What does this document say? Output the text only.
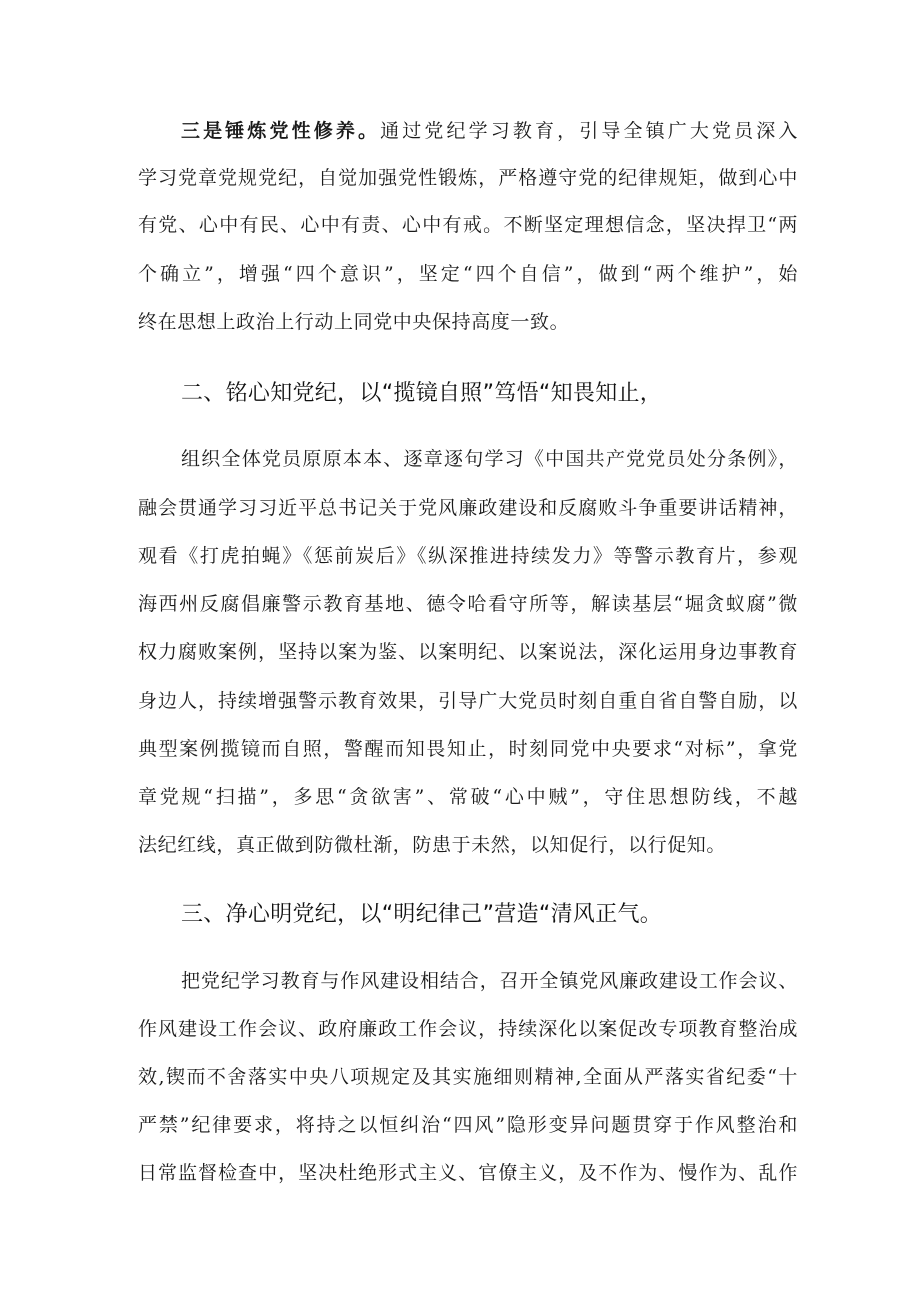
三是锤炼党性修养。通过党纪学习教育，引导全镇广大党员深入
学习党章党规党纪，自觉加强党性锻炼，严格遵守党的纪律规矩，做到心中
有党、心中有民、心中有责、心中有戒。不断坚定理想信念，坚决捍卫“两
个确立”，增强“四个意识”，坚定“四个自信”，做到“两个维护”，始
终在思想上政治上行动上同党中央保持高度一致。
二、铭心知党纪，以“揽镜自照”笃悟“知畏知止，
组织全体党员原原本本、逐章逐句学习《中国共产党党员处分条例》，
融会贯通学习习近平总书记关于党风廉政建设和反腐败斗争重要讲话精神，
观看《打虎拍蝇》《惩前炭后》《纵深推进持续发力》等警示教育片，参观
海西州反腐倡廉警示教育基地、德令哈看守所等，解读基层“堀贪蚁腐”微
权力腐败案例，坚持以案为鉴、以案明纪、以案说法，深化运用身边事教育
身边人，持续增强警示教育效果，引导广大党员时刻自重自省自警自励，以
典型案例揽镜而自照，警醒而知畏知止，时刻同党中央要求“对标”，拿党
章党规“扫描”，多思“贪欲害”、常破“心中贼”，守住思想防线，不越
法纪红线，真正做到防微杜渐，防患于未然，以知促行，以行促知。
三、净心明党纪，以“明纪律己”营造“清风正气。
把党纪学习教育与作风建设相结合，召开全镇党风廉政建设工作会议、
作风建设工作会议、政府廉政工作会议，持续深化以案促改专项教育整治成
效,锲而不舍落实中央八项规定及其实施细则精神,全面从严落实省纪委“十
严禁”纪律要求，将持之以恒纠治“四风”隐形变异问题贯穿于作风整治和
日常监督检查中，坚决杜绝形式主义、官僚主义，及不作为、慢作为、乱作
